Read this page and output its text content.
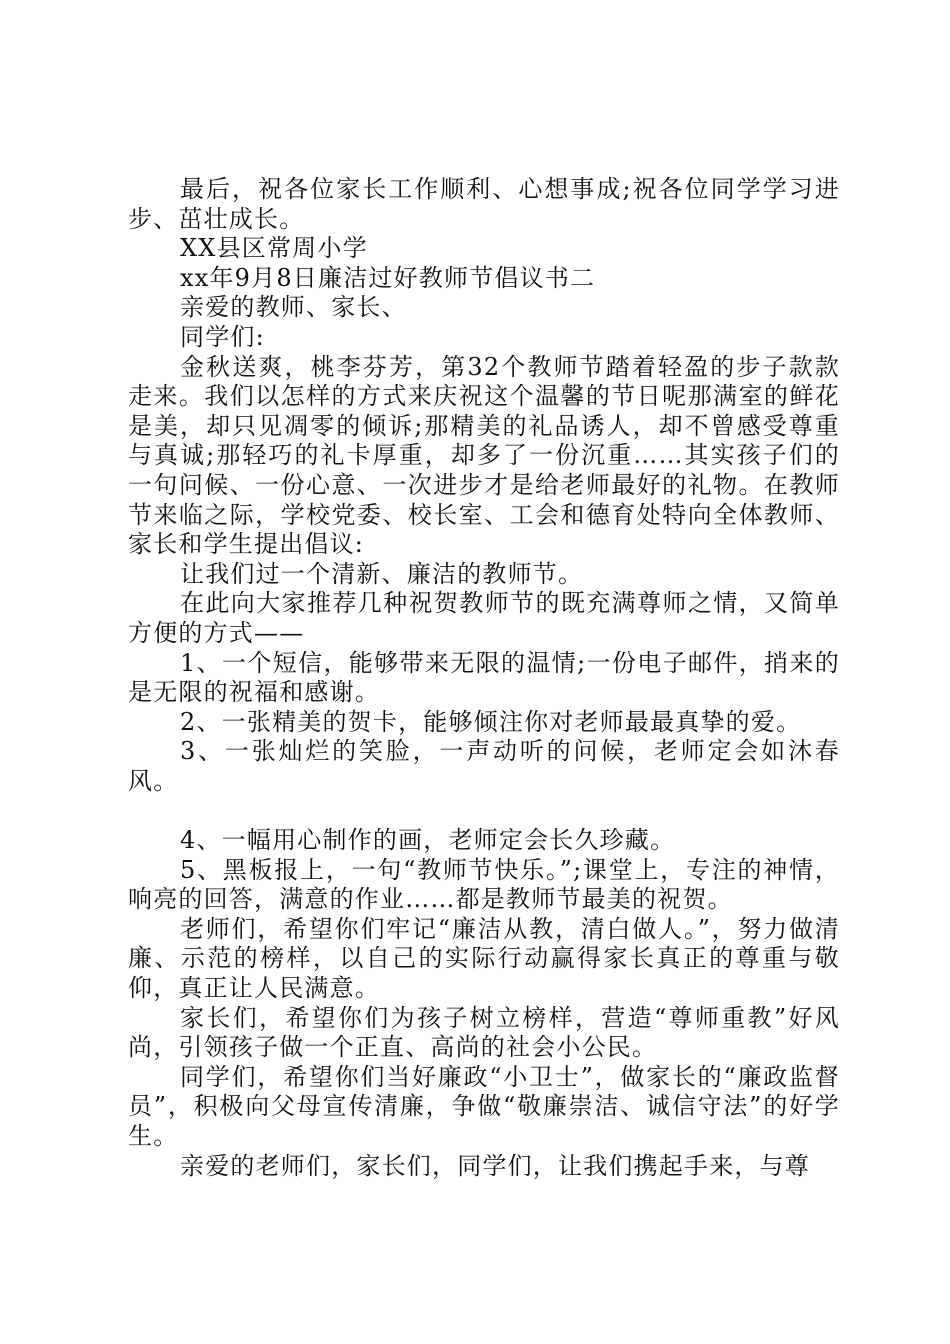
最后，祝各位家长工作顺利、心想事成;祝各位同学学习进步、茁壮成长。

XX县区常周小学

xx年9月8日廉洁过好教师节倡议书二

亲爱的教师、家长、

同学们:

金秋送爽，桃李芬芳，第32个教师节踏着轻盈的步子款款走来。我们以怎样的方式来庆祝这个温馨的节日呢那满室的鲜花是美，却只见凋零的倾诉;那精美的礼品诱人，却不曾感受尊重与真诚;那轻巧的礼卡厚重，却多了一份沉重……其实孩子们的一句问候、一份心意、一次进步才是给老师最好的礼物。在教师节来临之际，学校党委、校长室、工会和德育处特向全体教师、家长和学生提出倡议:

让我们过一个清新、廉洁的教师节。

在此向大家推荐几种祝贺教师节的既充满尊师之情，又简单方便的方式——

1、一个短信，能够带来无限的温情;一份电子邮件，捎来的是无限的祝福和感谢。

2、一张精美的贺卡，能够倾注你对老师最最真挚的爱。

3、一张灿烂的笑脸，一声动听的问候，老师定会如沐春风。

4、一幅用心制作的画，老师定会长久珍藏。

5、黑板报上，一句“教师节快乐。”;课堂上，专注的神情，响亮的回答，满意的作业……都是教师节最美的祝贺。

老师们，希望你们牢记“廉洁从教，清白做人。”，努力做清廉、示范的榜样，以自己的实际行动赢得家长真正的尊重与敬仰，真正让人民满意。

家长们，希望你们为孩子树立榜样，营造“尊师重教”好风尚，引领孩子做一个正直、高尚的社会小公民。

同学们，希望你们当好廉政“小卫士”，做家长的“廉政监督员”，积极向父母宣传清廉，争做“敬廉崇洁、诚信守法”的好学生。

亲爱的老师们，家长们，同学们，让我们携起手来，与尊
